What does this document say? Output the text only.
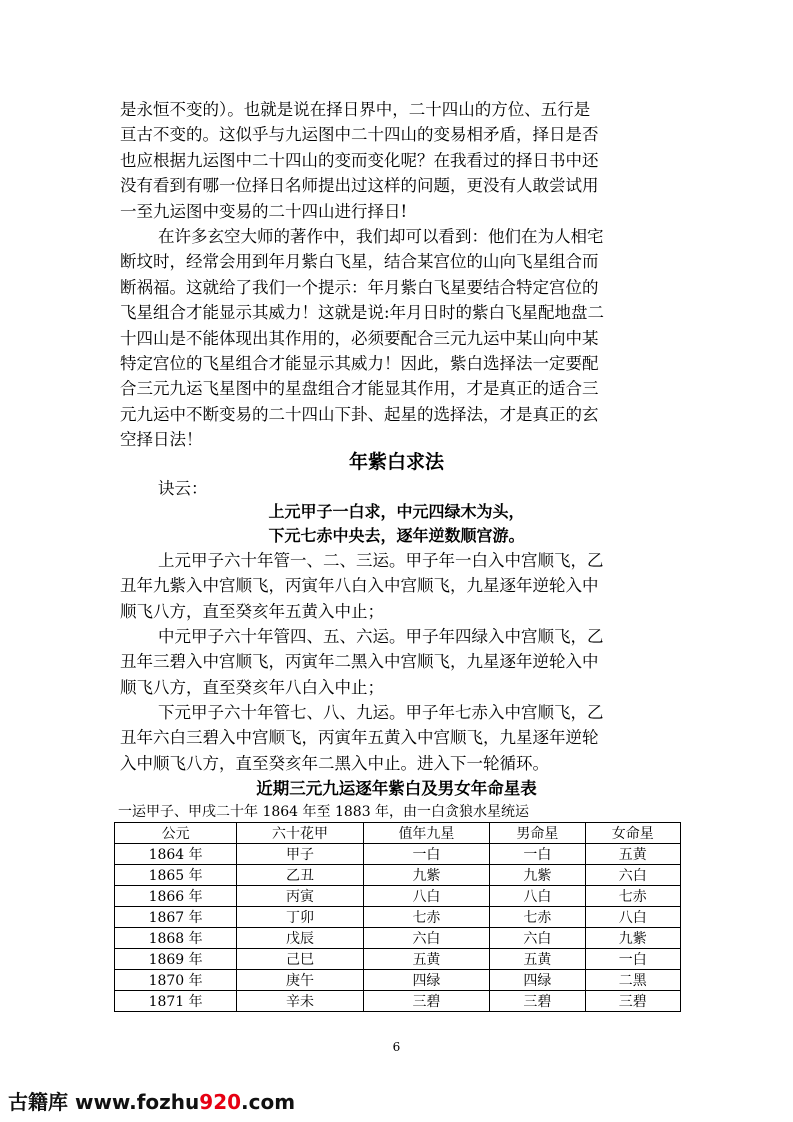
是永恒不变的）。也就是说在择日界中，二十四山的方位、五行是
亘古不变的。这似乎与九运图中二十四山的变易相矛盾，择日是否
也应根据九运图中二十四山的变而变化呢？在我看过的择日书中还
没有看到有哪一位择日名师提出过这样的问题，更没有人敢尝试用
一至九运图中变易的二十四山进行择日!
在许多玄空大师的著作中，我们却可以看到：他们在为人相宅
断坟时，经常会用到年月紫白飞星，结合某宫位的山向飞星组合而
断祸福。这就给了我们一个提示：年月紫白飞星要结合特定宫位的
飞星组合才能显示其威力！这就是说:年月日时的紫白飞星配地盘二
十四山是不能体现出其作用的，必须要配合三元九运中某山向中某
特定宫位的飞星组合才能显示其威力！因此，紫白选择法一定要配
合三元九运飞星图中的星盘组合才能显其作用，才是真正的适合三
元九运中不断变易的二十四山下卦、起星的选择法，才是真正的玄
空择日法！
年紫白求法
诀云：
上元甲子一白求，中元四绿木为头，
下元七赤中央去，逐年逆数顺宫游。
上元甲子六十年管一、二、三运。甲子年一白入中宫顺飞，乙
丑年九紫入中宫顺飞，丙寅年八白入中宫顺飞，九星逐年逆轮入中
顺飞八方，直至癸亥年五黄入中止；
中元甲子六十年管四、五、六运。甲子年四绿入中宫顺飞，乙
丑年三碧入中宫顺飞，丙寅年二黑入中宫顺飞，九星逐年逆轮入中
顺飞八方，直至癸亥年八白入中止；
下元甲子六十年管七、八、九运。甲子年七赤入中宫顺飞，乙
丑年六白三碧入中宫顺飞，丙寅年五黄入中宫顺飞，九星逐年逆轮
入中顺飞八方，直至癸亥年二黑入中止。进入下一轮循环。
近期三元九运逐年紫白及男女年命星表
一运甲子、甲戌二十年 1864 年至 1883 年，由一白贪狼水星统运
公元	六十花甲	值年九星	男命星	女命星
1864 年	甲子	一白	一白	五黄
1865 年	乙丑	九紫	九紫	六白
1866 年	丙寅	八白	八白	七赤
1867 年	丁卯	七赤	七赤	八白
1868 年	戊辰	六白	六白	九紫
1869 年	己巳	五黄	五黄	一白
1870 年	庚午	四绿	四绿	二黑
1871 年	辛未	三碧	三碧	三碧
6
古籍库 www.fozhu920.com
